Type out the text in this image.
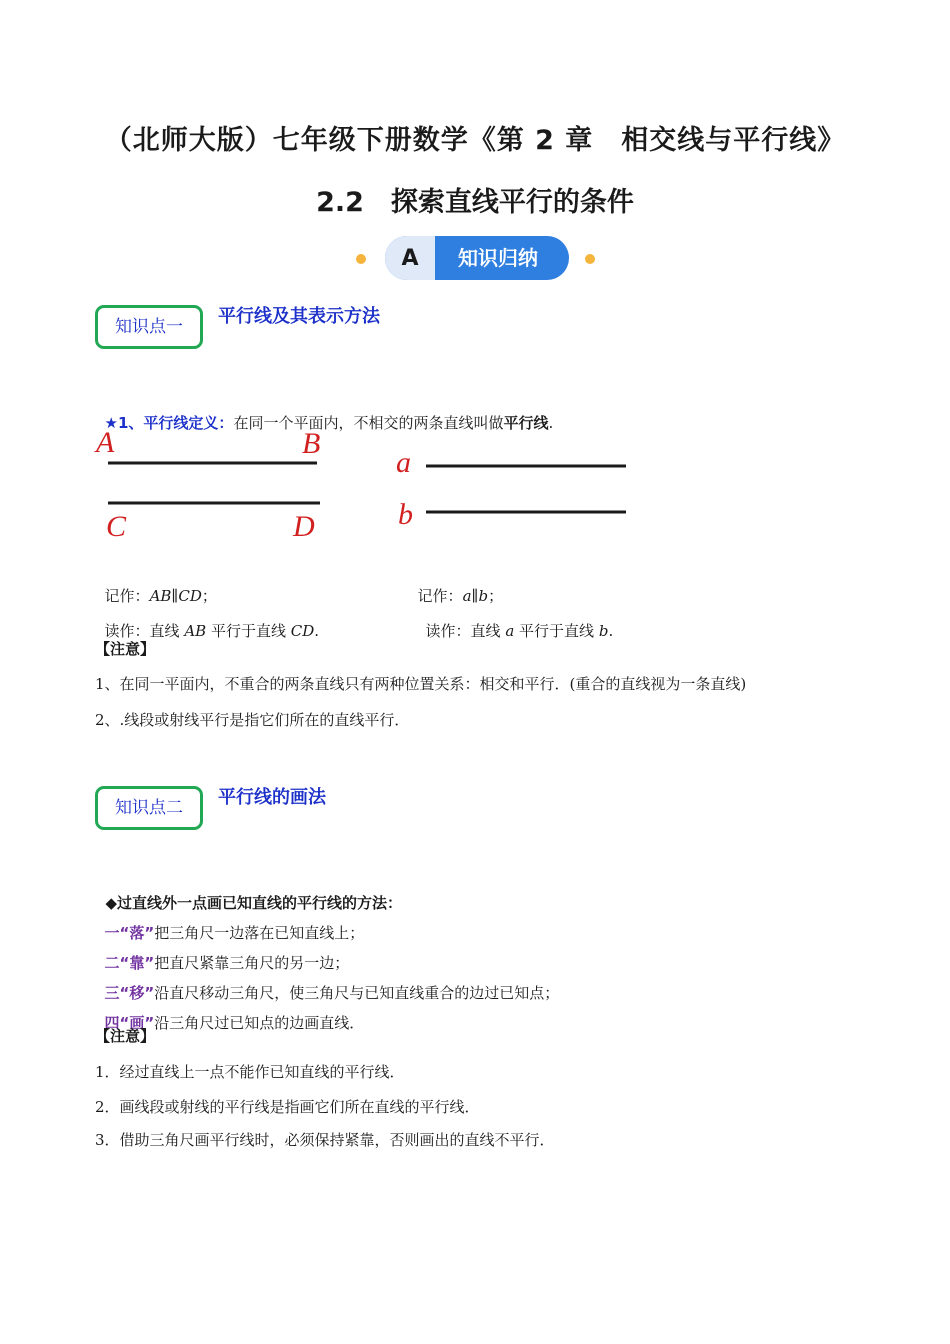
（北师大版）七年级下册数学《第 2 章　相交线与平行线》
2.2　探索直线平行的条件
A 知识归纳
知识点一	平行线及其表示方法

★1、平行线定义：在同一个平面内，不相交的两条直线叫做平行线.

A	B
C	D
a
b

记作：AB∥CD；	记作：a∥b；

读作：直线 AB 平行于直线 CD.	读作：直线 a 平行于直线 b.

【注意】
1、在同一平面内，不重合的两条直线只有两种位置关系：相交和平行．(重合的直线视为一条直线)
2、.线段或射线平行是指它们所在的直线平行．
知识点二	平行线的画法

◆过直线外一点画已知直线的平行线的方法：

一“落”把三角尺一边落在已知直线上；

二“靠”把直尺紧靠三角尺的另一边；

三“移”沿直尺移动三角尺，使三角尺与已知直线重合的边过已知点；

四“画”沿三角尺过已知点的边画直线．

【注意】
1．经过直线上一点不能作已知直线的平行线．
2．画线段或射线的平行线是指画它们所在直线的平行线．
3．借助三角尺画平行线时，必须保持紧靠，否则画出的直线不平行．
